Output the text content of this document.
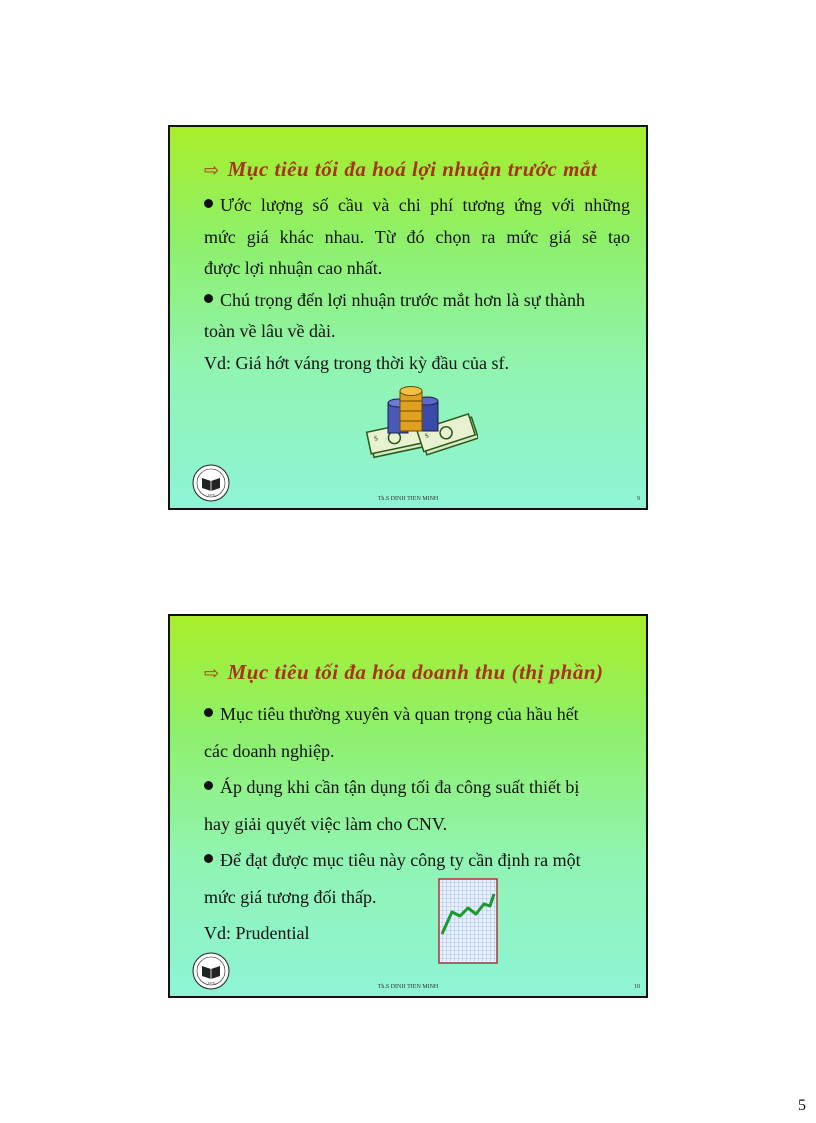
⇨ Mục tiêu tối đa hoá lợi nhuận trước mắt
Ước lượng số cầu và chi phí tương ứng với những
mức giá khác nhau. Từ đó chọn ra mức giá sẽ tạo
được lợi nhuận cao nhất.
Chú trọng đến lợi nhuận trước mắt hơn là sự thành
toàn về lâu về dài.
Vd: Giá hớt váng trong thời kỳ đầu của sf.
$	$
1976
Th.S DINH TIEN MINH	9
⇨ Mục tiêu tối đa hóa doanh thu (thị phần)
Mục tiêu thường xuyên và quan trọng của hầu hết
các doanh nghiệp.
Áp dụng khi cần tận dụng tối đa công suất thiết bị
hay giải quyết việc làm cho CNV.
Để đạt được mục tiêu này công ty cần định ra một
mức giá tương đối thấp.
Vd: Prudential
1976
Th.S DINH TIEN MINH	10
5
